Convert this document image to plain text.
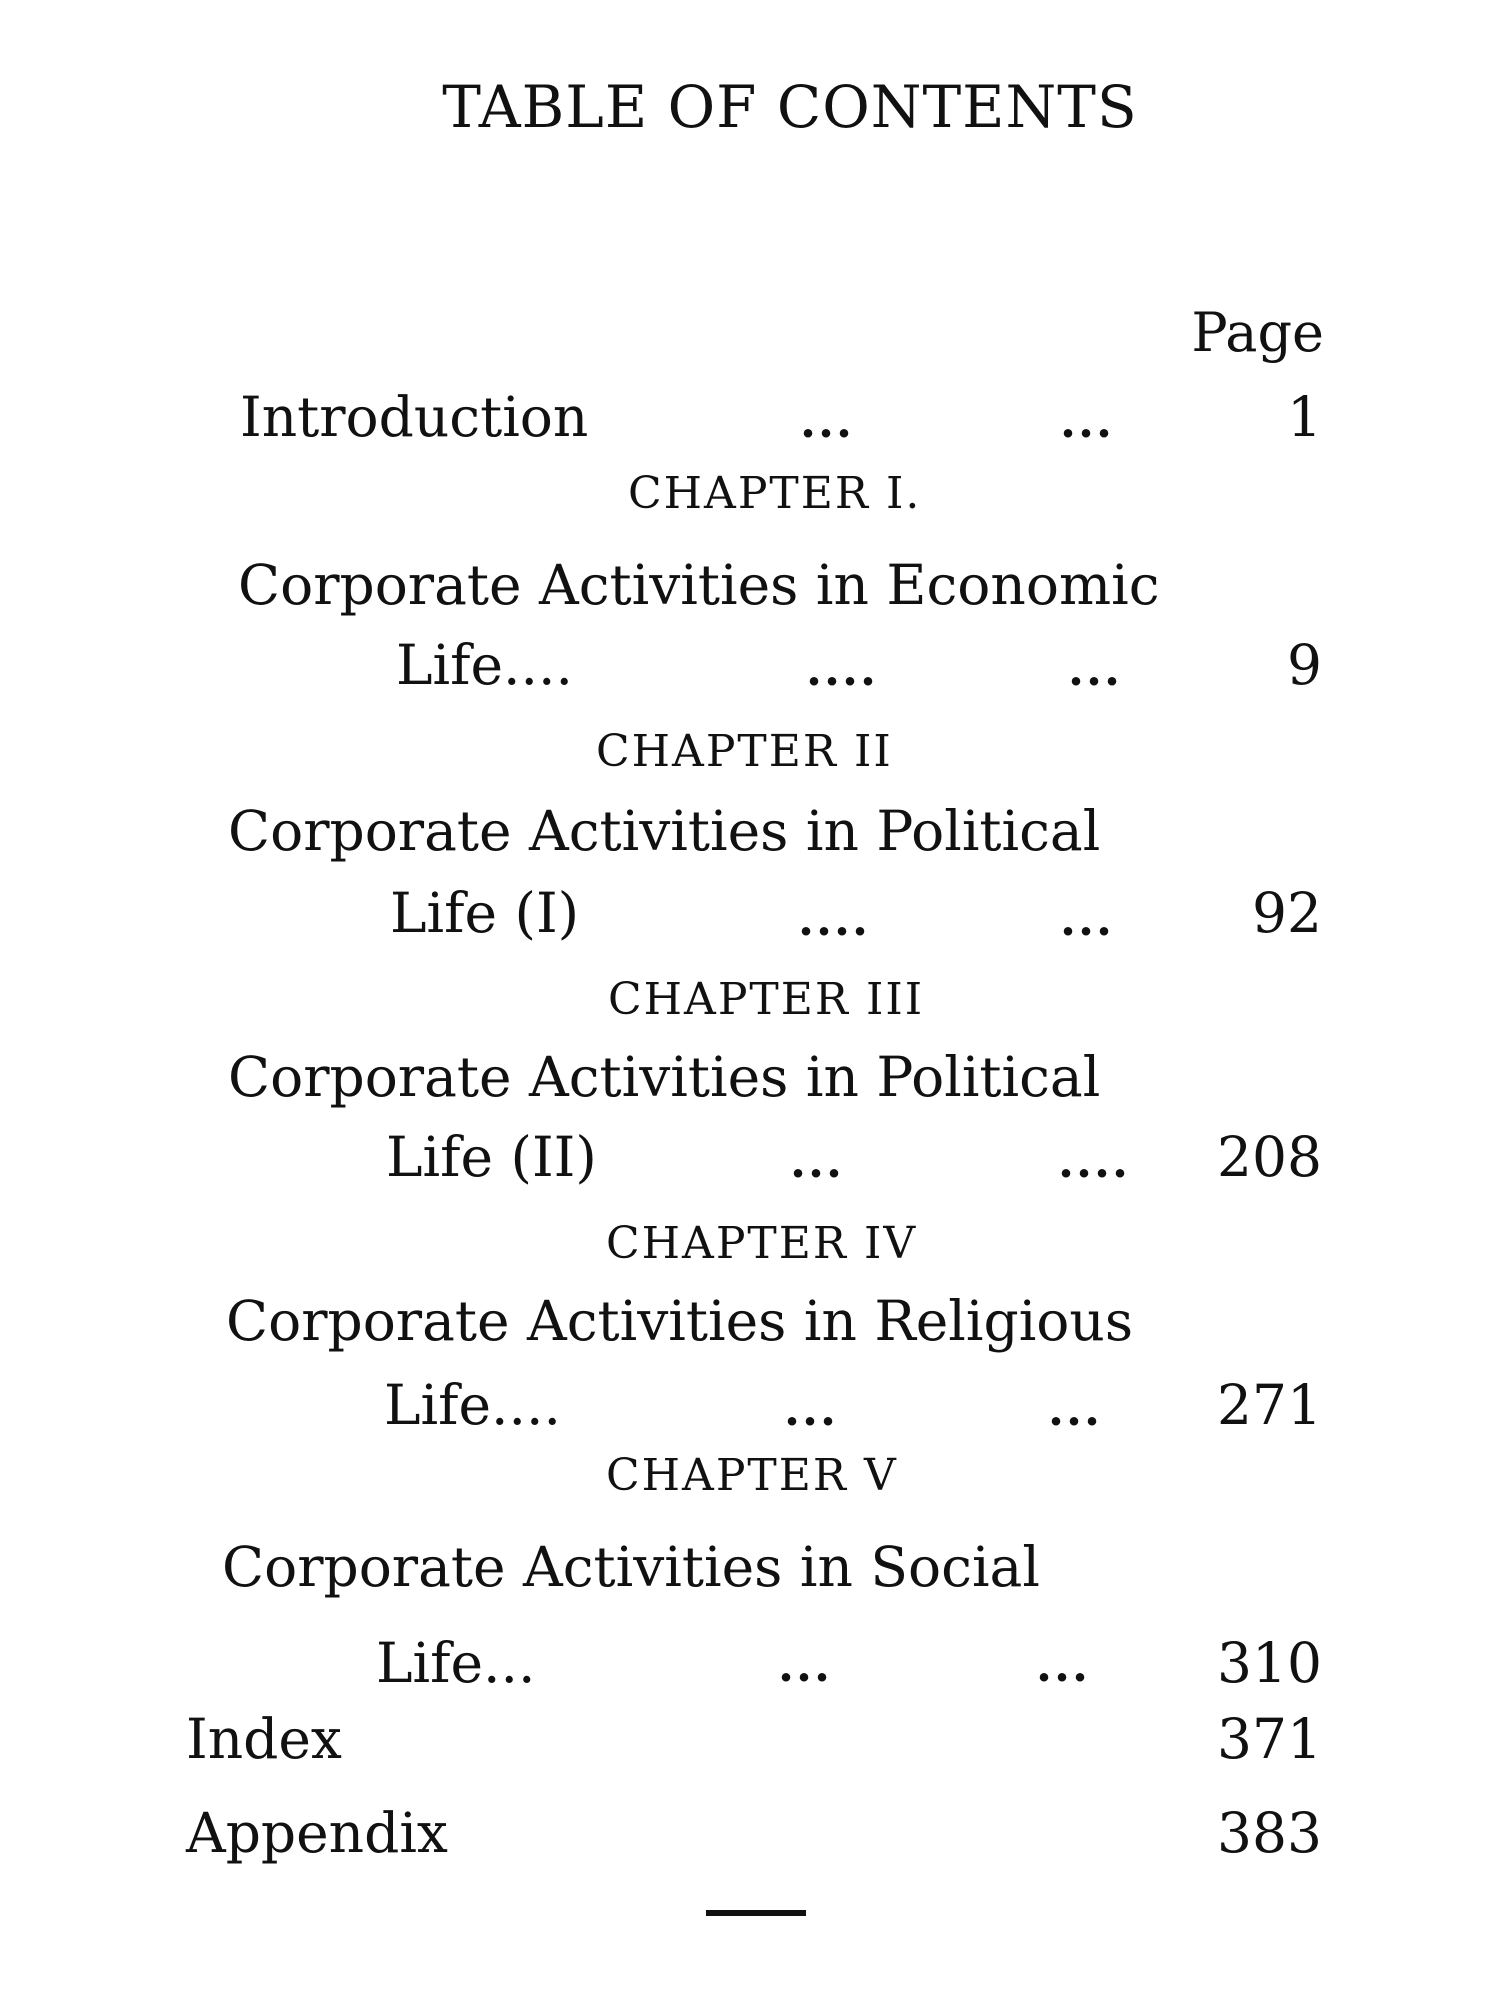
TABLE OF CONTENTS
Page
Introduction	...	...	1
CHAPTER I.
Corporate Activities in Economic
Life....	....	...	9
CHAPTER II
Corporate Activities in Political
Life (I)	....	...	92
CHAPTER III
Corporate Activities in Political
Life (II)	...	.... 208
CHAPTER IV
Corporate Activities in Religious
Life....	...	... 271
CHAPTER V
Corporate Activities in Social
Life...	...	... 310
Index	371
Appendix	383
